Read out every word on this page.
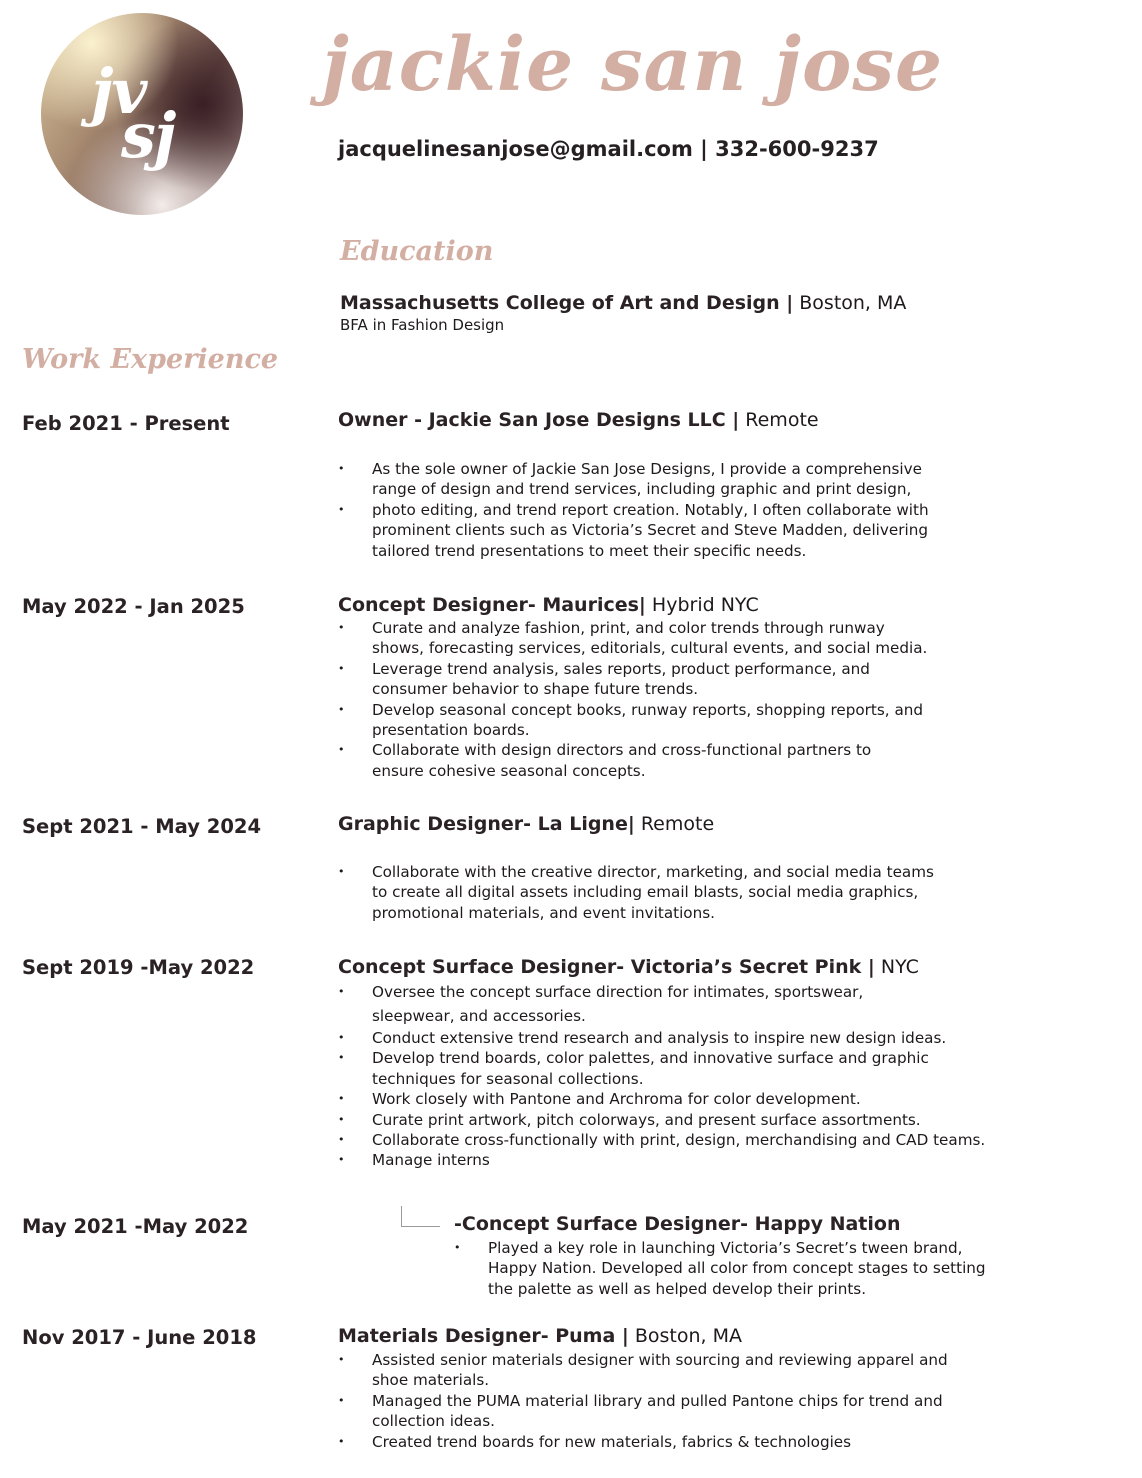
jv
sj
jackie san jose
jacquelinesanjose@gmail.com | 332-600-9237
Education
Massachusetts College of Art and Design | Boston, MA
BFA in Fashion Design
Work Experience
Feb 2021 - Present	Owner - Jackie San Jose Designs LLC | Remote
• As the sole owner of Jackie San Jose Designs, I provide a comprehensive
range of design and trend services, including graphic and print design,
• photo editing, and trend report creation. Notably, I often collaborate with
prominent clients such as Victoria’s Secret and Steve Madden, delivering
tailored trend presentations to meet their specific needs.
May 2022 - Jan 2025	Concept Designer- Maurices| Hybrid NYC
• Curate and analyze fashion, print, and color trends through runway
shows, forecasting services, editorials, cultural events, and social media.
• Leverage trend analysis, sales reports, product performance, and
consumer behavior to shape future trends.
• Develop seasonal concept books, runway reports, shopping reports, and
presentation boards.
• Collaborate with design directors and cross-functional partners to
ensure cohesive seasonal concepts.
Sept 2021 - May 2024	Graphic Designer- La Ligne| Remote
• Collaborate with the creative director, marketing, and social media teams
to create all digital assets including email blasts, social media graphics,
promotional materials, and event invitations.
Sept 2019 -May 2022	Concept Surface Designer- Victoria’s Secret Pink | NYC
• Oversee the concept surface direction for intimates, sportswear,
sleepwear, and accessories.
• Conduct extensive trend research and analysis to inspire new design ideas.
• Develop trend boards, color palettes, and innovative surface and graphic
techniques for seasonal collections.
• Work closely with Pantone and Archroma for color development.
• Curate print artwork, pitch colorways, and present surface assortments.
• Collaborate cross-functionally with print, design, merchandising and CAD teams.
• Manage interns
May 2021 -May 2022	-Concept Surface Designer- Happy Nation
• Played a key role in launching Victoria’s Secret’s tween brand,
Happy Nation. Developed all color from concept stages to setting
the palette as well as helped develop their prints.
Nov 2017 - June 2018	Materials Designer- Puma | Boston, MA
• Assisted senior materials designer with sourcing and reviewing apparel and
shoe materials.
• Managed the PUMA material library and pulled Pantone chips for trend and
collection ideas.
• Created trend boards for new materials, fabrics & technologies
